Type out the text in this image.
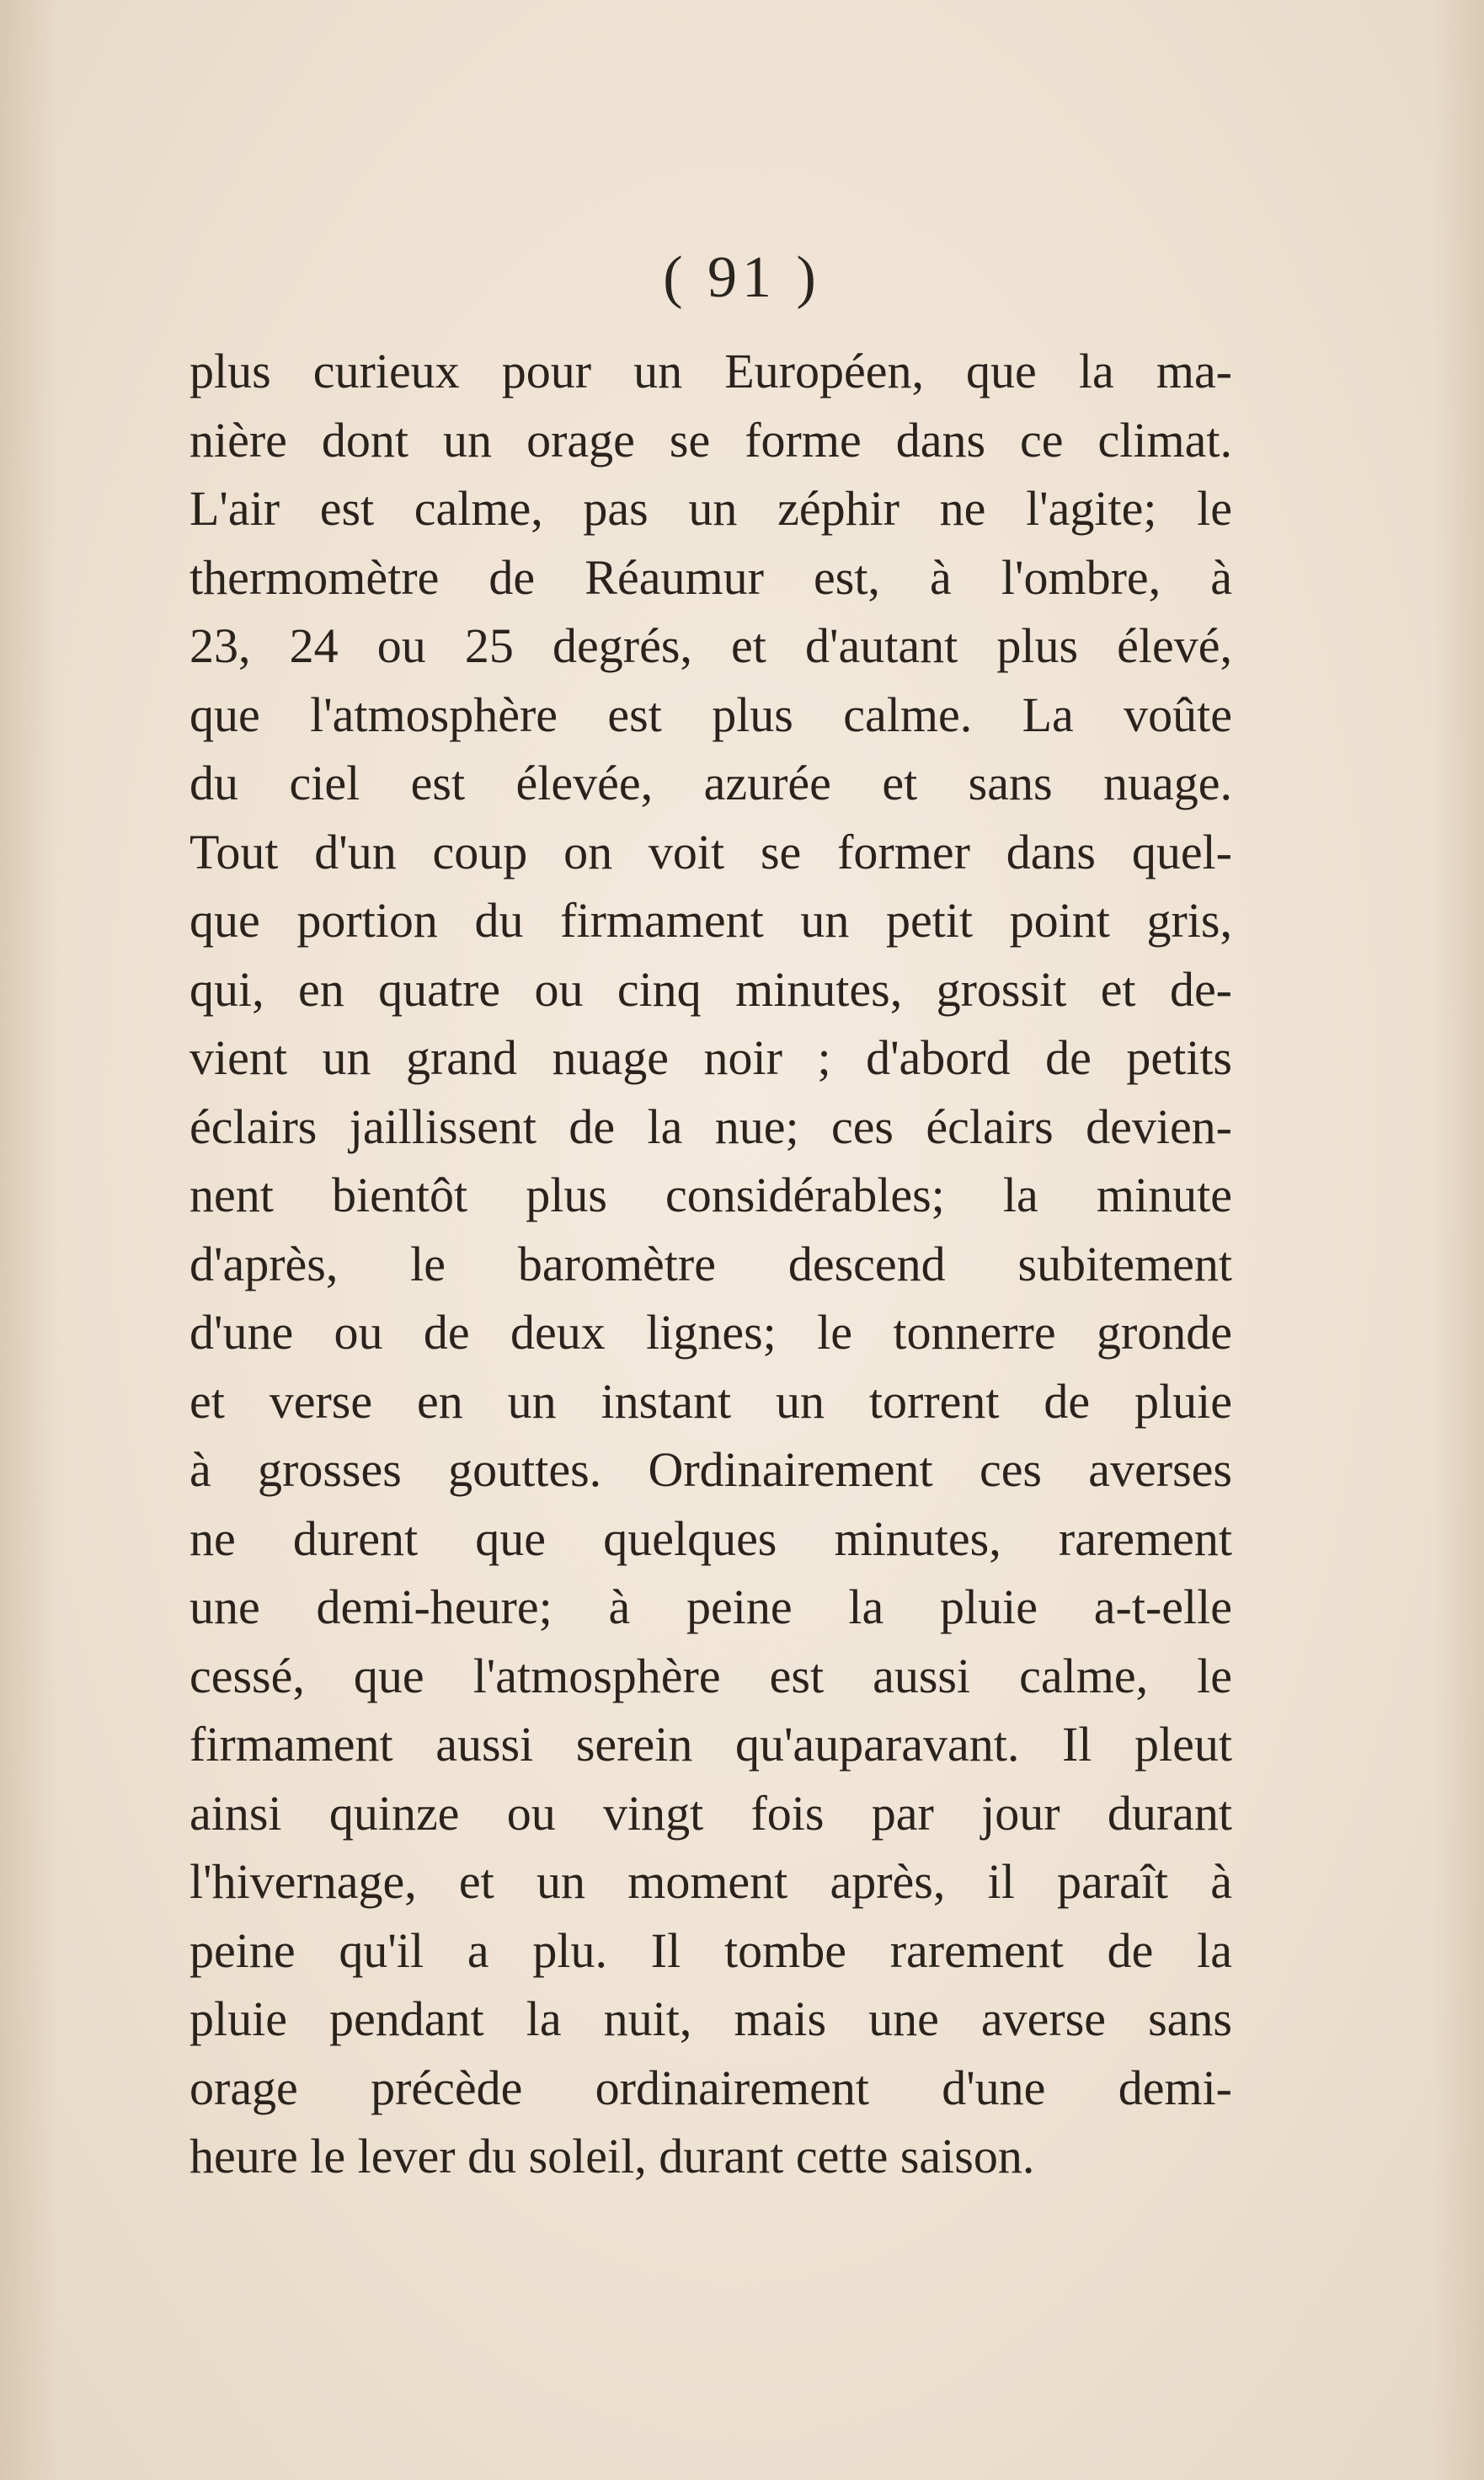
( 91 )
plus curieux pour un Européen, que la ma-
nière dont un orage se forme dans ce climat.
L'air est calme, pas un zéphir ne l'agite; le
thermomètre de Réaumur est, à l'ombre, à
23, 24 ou 25 degrés, et d'autant plus élevé,
que l'atmosphère est plus calme. La voûte
du ciel est élevée, azurée et sans nuage.
Tout d'un coup on voit se former dans quel-
que portion du firmament un petit point gris,
qui, en quatre ou cinq minutes, grossit et de-
vient un grand nuage noir ; d'abord de petits
éclairs jaillissent de la nue; ces éclairs devien-
nent bientôt plus considérables; la minute
d'après, le baromètre descend subitement
d'une ou de deux lignes; le tonnerre gronde
et verse en un instant un torrent de pluie
à grosses gouttes. Ordinairement ces averses
ne durent que quelques minutes, rarement
une demi-heure; à peine la pluie a-t-elle
cessé, que l'atmosphère est aussi calme, le
firmament aussi serein qu'auparavant. Il pleut
ainsi quinze ou vingt fois par jour durant
l'hivernage, et un moment après, il paraît à
peine qu'il a plu. Il tombe rarement de la
pluie pendant la nuit, mais une averse sans
orage précède ordinairement d'une demi-
heure le lever du soleil, durant cette saison.
